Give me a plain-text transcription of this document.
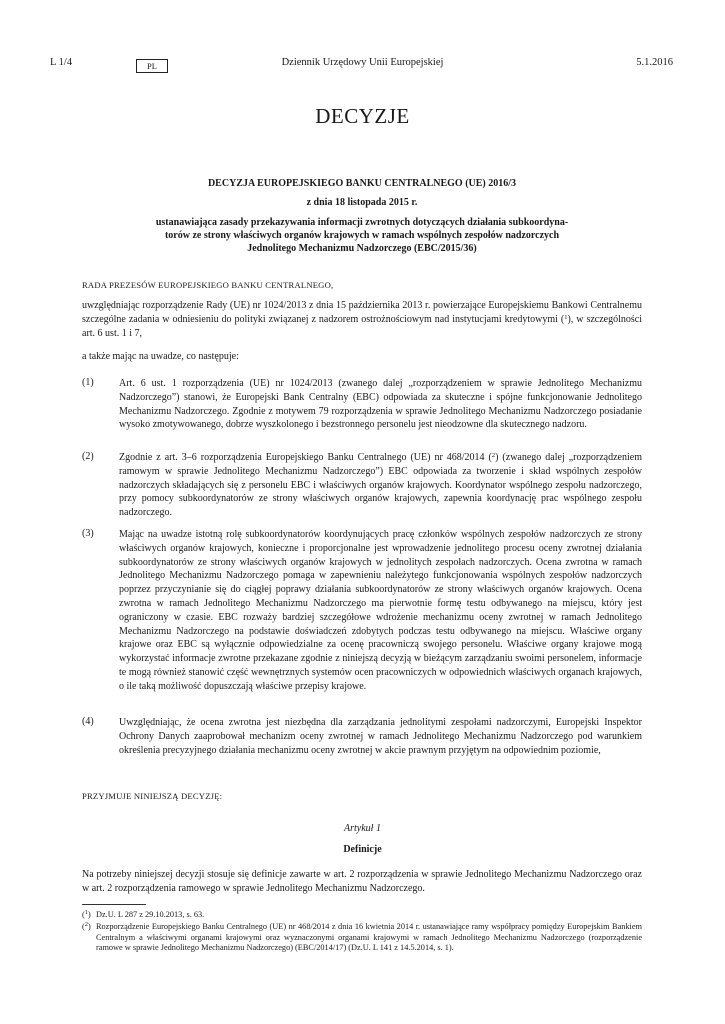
L 1/4	PL	Dziennik Urzędowy Unii Europejskiej	5.1.2016
DECYZJE
DECYZJA EUROPEJSKIEGO BANKU CENTRALNEGO (UE) 2016/3
z dnia 18 listopada 2015 r.
ustanawiająca zasady przekazywania informacji zwrotnych dotyczących działania subkoordyna-
torów ze strony właściwych organów krajowych w ramach wspólnych zespołów nadzorczych
Jednolitego Mechanizmu Nadzorczego (EBC/2015/36)
RADA PREZESÓW EUROPEJSKIEGO BANKU CENTRALNEGO,
uwzględniając rozporządzenie Rady (UE) nr 1024/2013 z dnia 15 października 2013 r. powierzające Europejskiemu Bankowi Centralnemu szczególne zadania w odniesieniu do polityki związanej z nadzorem ostrożnościowym nad instytucjami kredytowymi ($^1$), w szczególności art. 6 ust. 1 i 7,
a także mając na uwadze, co następuje:
(1)	Art. 6 ust. 1 rozporządzenia (UE) nr 1024/2013 (zwanego dalej „rozporządzeniem w sprawie Jednolitego Mechanizmu Nadzorczego”) stanowi, że Europejski Bank Centralny (EBC) odpowiada za skuteczne i spójne funkcjonowanie Jednolitego Mechanizmu Nadzorczego. Zgodnie z motywem 79 rozporządzenia w sprawie Jednolitego Mechanizmu Nadzorczego posiadanie wysoko zmotywowanego, dobrze wyszkolonego i bezstronnego personelu jest nieodzowne dla skutecznego nadzoru.
(2)	Zgodnie z art. 3–6 rozporządzenia Europejskiego Banku Centralnego (UE) nr 468/2014 ($^2$) (zwanego dalej „rozporządzeniem ramowym w sprawie Jednolitego Mechanizmu Nadzorczego”) EBC odpowiada za tworzenie i skład wspólnych zespołów nadzorczych składających się z personelu EBC i właściwych organów krajowych. Koordynator wspólnego zespołu nadzorczego, przy pomocy subkoordynatorów ze strony właściwych organów krajowych, zapewnia koordynację prac wspólnego zespołu nadzorczego.
(3)	Mając na uwadze istotną rolę subkoordynatorów koordynujących pracę członków wspólnych zespołów nadzorczych ze strony właściwych organów krajowych, konieczne i proporcjonalne jest wprowadzenie jednolitego procesu oceny zwrotnej działania subkoordynatorów ze strony właściwych organów krajowych w jednolitych zespołach nadzorczych. Ocena zwrotna w ramach Jednolitego Mechanizmu Nadzorczego pomaga w zapewnieniu należytego funkcjonowania wspólnych zespołów nadzorczych poprzez przyczynianie się do ciągłej poprawy działania subkoordynatorów ze strony właściwych organów krajowych. Ocena zwrotna w ramach Jednolitego Mechanizmu Nadzorczego ma pierwotnie formę testu odbywanego na miejscu, który jest ograniczony w czasie. EBC rozważy bardziej szczegółowe wdrożenie mechanizmu oceny zwrotnej w ramach Jednolitego Mechanizmu Nadzorczego na podstawie doświadczeń zdobytych podczas testu odbywanego na miejscu. Właściwe organy krajowe oraz EBC są wyłącznie odpowiedzialne za ocenę pracowniczą swojego personelu. Właściwe organy krajowe mogą wykorzystać informacje zwrotne przekazane zgodnie z niniejszą decyzją w bieżącym zarządzaniu swoimi personelem, informacje te mogą również stanowić część wewnętrznych systemów ocen pracowniczych w odpowiednich właściwych organach krajowych, o ile taką możliwość dopuszczają właściwe przepisy krajowe.
(4)	Uwzględniając, że ocena zwrotna jest niezbędna dla zarządzania jednolitymi zespołami nadzorczymi, Europejski Inspektor Ochrony Danych zaaprobował mechanizm oceny zwrotnej w ramach Jednolitego Mechanizmu Nadzorczego pod warunkiem określenia precyzyjnego działania mechanizmu oceny zwrotnej w akcie prawnym przyjętym na odpowiednim poziomie,
PRZYJMUJE NINIEJSZĄ DECYZJĘ:
Artykuł 1
Definicje
Na potrzeby niniejszej decyzji stosuje się definicje zawarte w art. 2 rozporządzenia w sprawie Jednolitego Mechanizmu Nadzorczego oraz w art. 2 rozporządzenia ramowego w sprawie Jednolitego Mechanizmu Nadzorczego.
($^1$) Dz.U. L 287 z 29.10.2013, s. 63.
($^2$) Rozporządzenie Europejskiego Banku Centralnego (UE) nr 468/2014 z dnia 16 kwietnia 2014 r. ustanawiające ramy współpracy pomiędzy Europejskim Bankiem Centralnym a właściwymi organami krajowymi oraz wyznaczonymi organami krajowymi w ramach Jednolitego Mechanizmu Nadzorczego (rozporządzenie ramowe w sprawie Jednolitego Mechanizmu Nadzorczego) (EBC/2014/17) (Dz.U. L 141 z 14.5.2014, s. 1).
